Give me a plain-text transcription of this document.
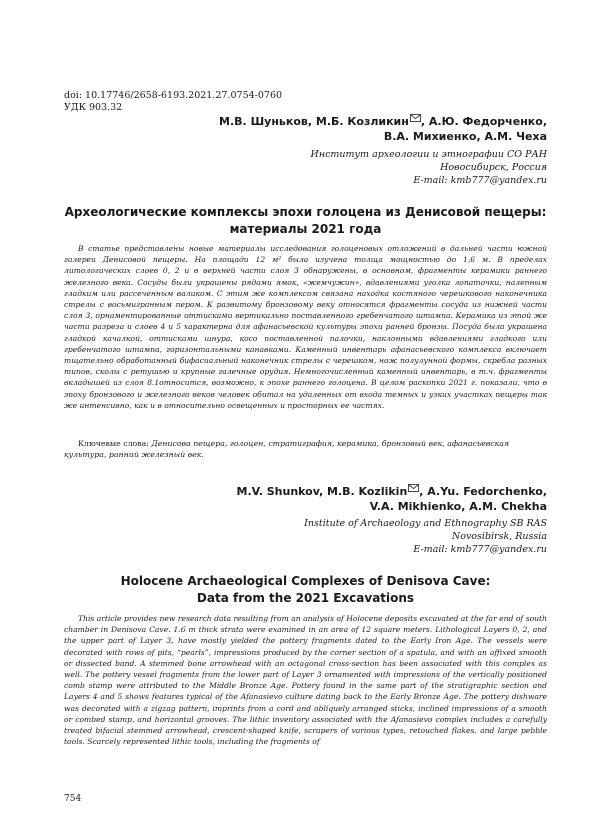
doi: 10.17746/2658-6193.2021.27.0754-0760
УДК 903.32
М.В. Шуньков, М.Б. Козликин , А.Ю. Федорченко,
В.А. Михиенко, А.М. Чеха
Институт археологии и этнографии СО РАН
Новосибирск, Россия
E-mail: kmb777@yandex.ru
Археологические комплексы эпохи голоцена из Денисовой пещеры:
материалы 2021 года

В статье представлены новые материалы исследования голоценовых отложений в дальней части южной галереи Денисовой пещеры. На площади 12 м² была изучена толща мощностью до 1,6 м. В пределах литологических слоев 0, 2 и в верхней части слоя 3 обнаружены, в основном, фрагменты керамики раннего железного века. Сосуды были украшены рядами ямок, «жемчужин», вдавлениями уголка лопаточки, налепным гладким или рассеченным валиком. С этим же комплексом связана находка костяного черешкового наконечника стрелы с восьмигранным пером. К развитому бронзовому веку относятся фрагменты сосуда из нижней части слоя 3, орнаментированные оттисками вертикально поставленного гребенчатого штампа. Керамика из этой же части разреза и слоев 4 и 5 характерна для афанасьевской культуры эпохи ранней бронзы. Посуда была украшена гладкой качалкой, оттисками шнура, косо поставленной палочки, наклонными вдавлениями гладкого или гребенчатого штампа, горизонтальными канавками. Каменный инвентарь афанасьевского комплекса включает тщательно обработанный бифасиальный наконечник стрелы с черешком, нож полулунной формы, скребла разных типов, сколы с ретушью и крупные галечные орудия. Немногочисленный каменный инвентарь, в т.ч. фрагменты вкладышей из слоя 8.1относится, возможно, к эпохе раннего голоцена. В целом раскопки 2021 г. показали, что в эпоху бронзового и железного веков человек обитал на удаленных от входа темных и узких участках пещеры так же интенсивно, как и в относительно освещенных и просторных ее частях.

Ключевые слова: Денисова пещера, голоцен, стратиграфия, керамика, бронзовый век, афанасьевская культура, ранний железный век.

M.V. Shunkov, M.B. Kozlikin , A.Yu. Fedorchenko,
V.A. Mikhienko, A.M. Chekha
Institute of Archaeology and Ethnography SB RAS
Novosibirsk, Russia
E-mail: kmb777@yandex.ru
Holocene Archaeological Complexes of Denisova Cave:
Data from the 2021 Excavations

This article provides new research data resulting from an analysis of Holocene deposits excavated at the far end of south chamber in Denisova Cave. 1.6 m thick strata were examined in an area of 12 square meters. Lithological Layers 0, 2, and the upper part of Layer 3, have mostly yielded the pottery fragments dated to the Early Iron Age. The vessels were decorated with rows of pits, “pearls”, impressions produced by the corner section of a spatula, and with an affixed smooth or dissected band. A stemmed bone arrowhead with an octagonal cross-section has been associated with this complex as well. The pottery vessel fragments from the lower part of Layer 3 ornamented with impressions of the vertically positioned comb stamp were attributed to the Middle Bronze Age. Pottery found in the same part of the stratigraphic section and Layers 4 and 5 shows features typical of the Afanasievo culture dating back to the Early Bronze Age. The pottery dishware was decorated with a zigzag pattern, imprints from a cord and obliquely arranged sticks, inclined impressions of a smooth or combed stamp, and horizontal grooves. The lithic inventory associated with the Afanasievo complex includes a carefully treated bifacial stemmed arrowhead, crescent-shaped knife, scrapers of various types, retouched flakes, and large pebble tools. Scarcely represented lithic tools, including the fragments of

754
